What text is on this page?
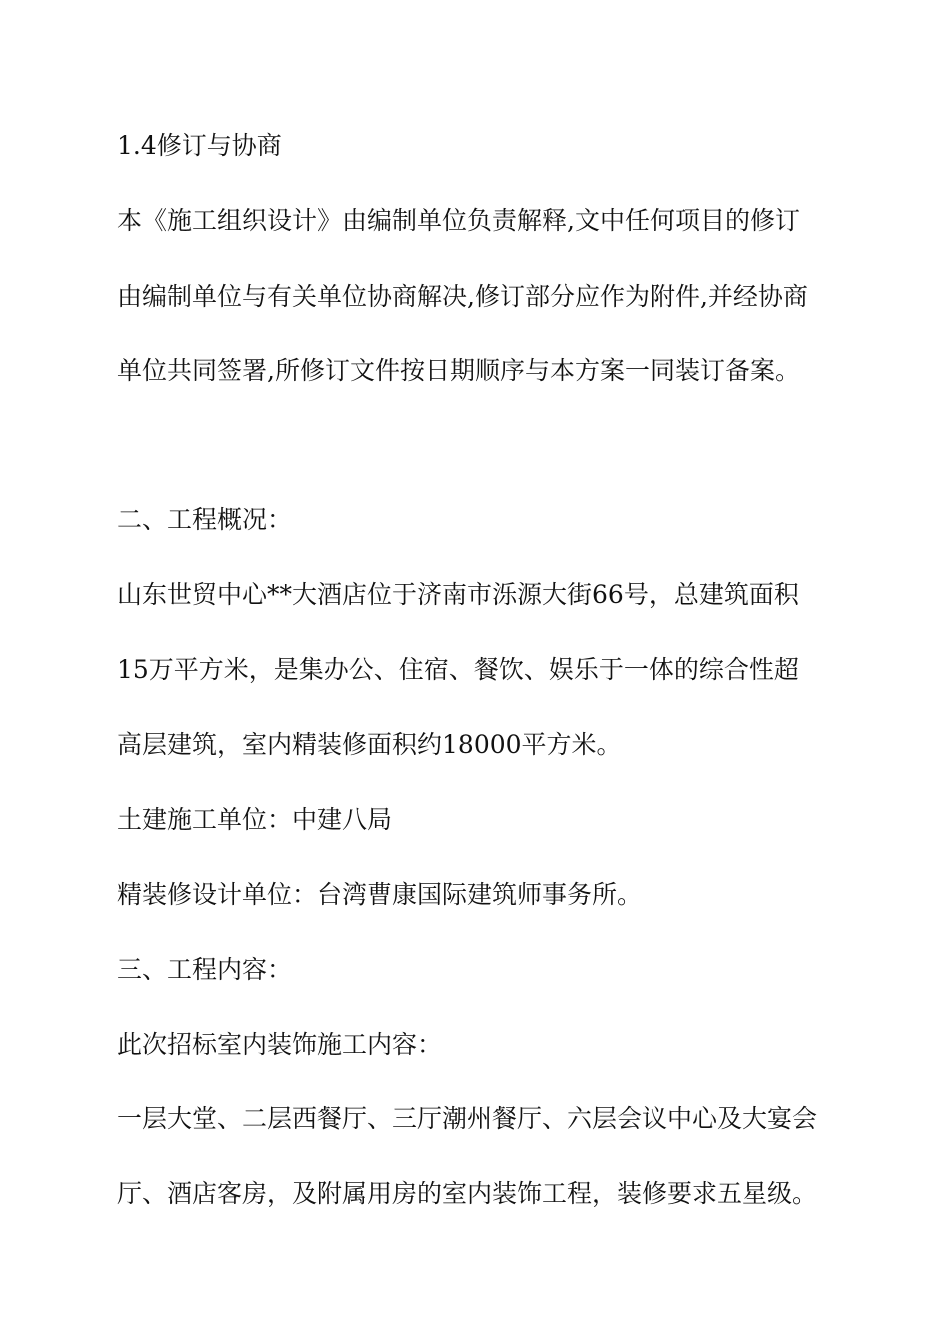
1.4修订与协商
本《施工组织设计》由编制单位负责解释,文中任何项目的修订
由编制单位与有关单位协商解决,修订部分应作为附件,并经协商
单位共同签署,所修订文件按日期顺序与本方案一同装订备案。
二、工程概况：
山东世贸中心**大酒店位于济南市泺源大街66号，总建筑面积
15万平方米，是集办公、住宿、餐饮、娱乐于一体的综合性超
高层建筑，室内精装修面积约18000平方米。
土建施工单位：中建八局
精装修设计单位：台湾曹康国际建筑师事务所。
三、工程内容：
此次招标室内装饰施工内容：
一层大堂、二层西餐厅、三厅潮州餐厅、六层会议中心及大宴会
厅、酒店客房，及附属用房的室内装饰工程，装修要求五星级。
